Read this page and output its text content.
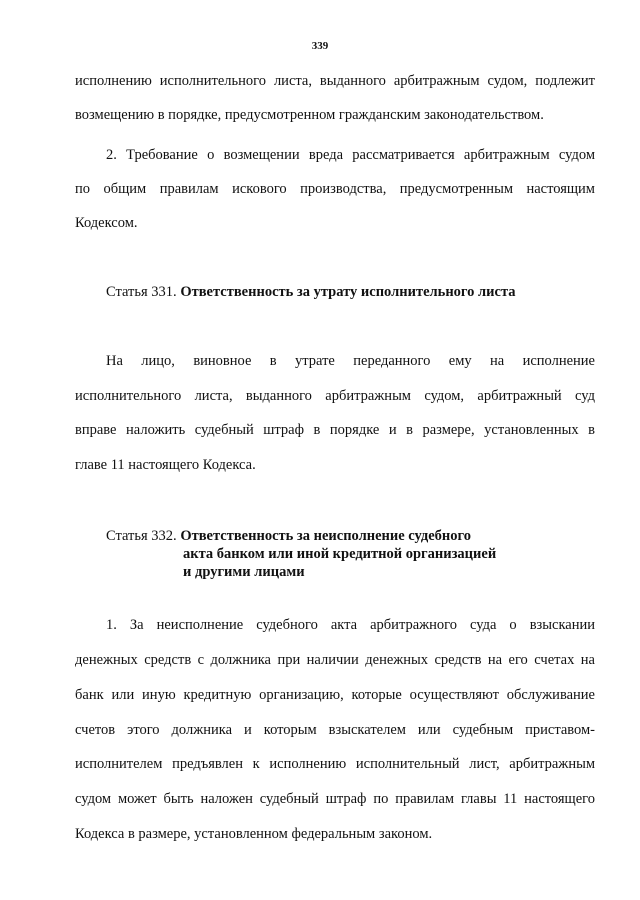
339
исполнению исполнительного листа, выданного арбитражным судом, подлежит
возмещению в порядке, предусмотренном гражданским законодательством.
2. Требование о возмещении вреда рассматривается арбитражным судом
по общим правилам искового производства, предусмотренным настоящим
Кодексом.
Статья 331. Ответственность за утрату исполнительного листа
На лицо, виновное в утрате переданного ему на исполнение
исполнительного листа, выданного арбитражным судом, арбитражный суд
вправе наложить судебный штраф в порядке и в размере, установленных в
главе 11 настоящего Кодекса.
Статья 332. Ответственность за неисполнение судебного
акта банком или иной кредитной организацией
и другими лицами
1. За неисполнение судебного акта арбитражного суда о взыскании
денежных средств с должника при наличии денежных средств на его счетах на
банк или иную кредитную организацию, которые осуществляют обслуживание
счетов этого должника и которым взыскателем или судебным приставом-
исполнителем предъявлен к исполнению исполнительный лист, арбитражным
судом может быть наложен судебный штраф по правилам главы 11 настоящего
Кодекса в размере, установленном федеральным законом.
